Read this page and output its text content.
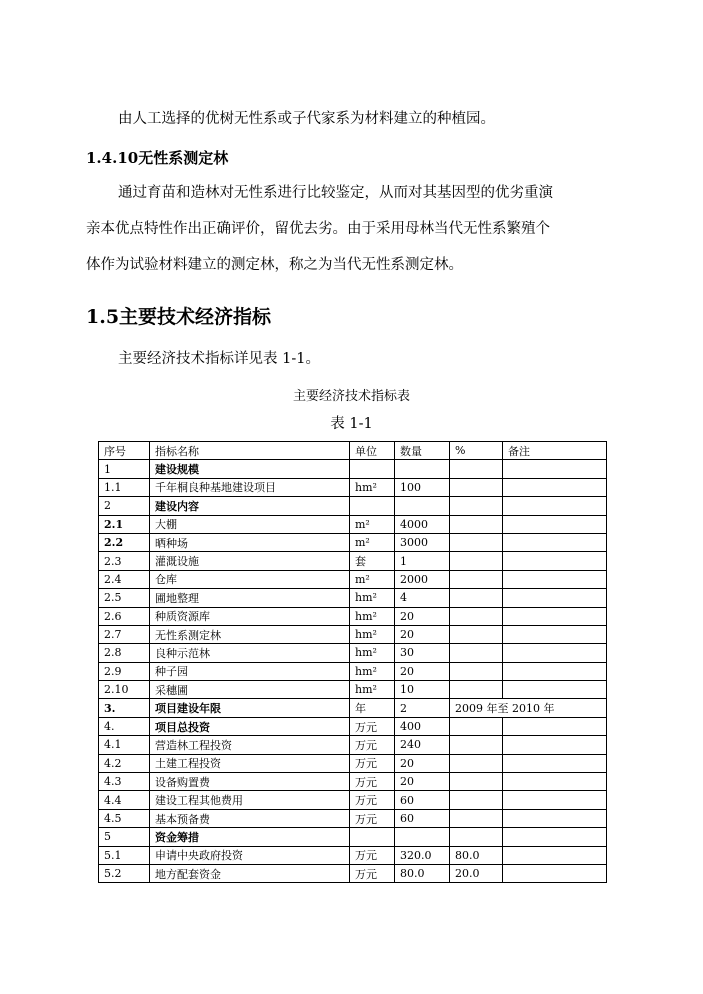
由人工选择的优树无性系或子代家系为材料建立的种植园。
1.4.10无性系测定林
通过育苗和造林对无性系进行比较鉴定，从而对其基因型的优劣重演
亲本优点特性作出正确评价，留优去劣。由于采用母林当代无性系繁殖个
体作为试验材料建立的测定林，称之为当代无性系测定林。
1.5主要技术经济指标
主要经济技术指标详见表 1-1。
主要经济技术指标表
表 1-1
序号	指标名称	单位	数量	%	备注
1	建设规模				
1.1	千年桐良种基地建设项目	hm²	100		
2	建设内容				
2.1	大棚	m²	4000		
2.2	晒种场	m²	3000		
2.3	灌溉设施	套	1		
2.4	仓库	m²	2000		
2.5	圃地整理	hm²	4		
2.6	种质资源库	hm²	20		
2.7	无性系测定林	hm²	20		
2.8	良种示范林	hm²	30		
2.9	种子园	hm²	20		
2.10	采穗圃	hm²	10		
3.	项目建设年限	年	2	2009 年至 2010 年	
4.	项目总投资	万元	400		
4.1	营造林工程投资	万元	240		
4.2	土建工程投资	万元	20		
4.3	设备购置费	万元	20		
4.4	建设工程其他费用	万元	60		
4.5	基本预备费	万元	60		
5	资金筹措				
5.1	申请中央政府投资	万元	320.0	80.0	
5.2	地方配套资金	万元	80.0	20.0	
